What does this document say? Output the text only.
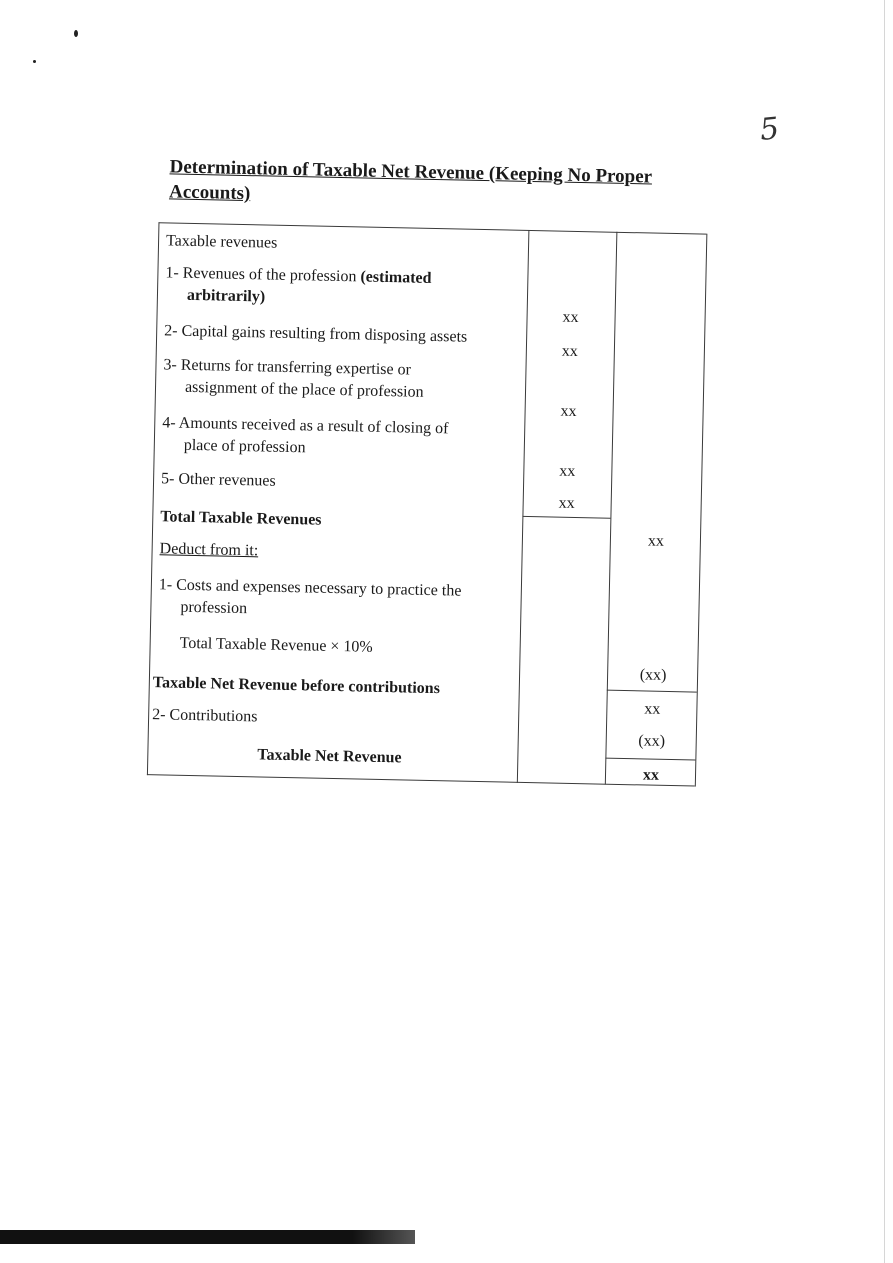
5
Determination of Taxable Net Revenue (Keeping No Proper Accounts)
Taxable revenues
1- Revenues of the profession (estimated
arbitrarily)
2- Capital gains resulting from disposing assets
3- Returns for transferring expertise or
assignment of the place of profession
4- Amounts received as a result of closing of
place of profession
5- Other revenues
Total Taxable Revenues
Deduct from it:
1- Costs and expenses necessary to practice the
profession
Total Taxable Revenue × 10%
Taxable Net Revenue before contributions
2- Contributions
Taxable Net Revenue
xx
xx
xx
xx
xx
xx
(xx)
xx
(xx)
xx
